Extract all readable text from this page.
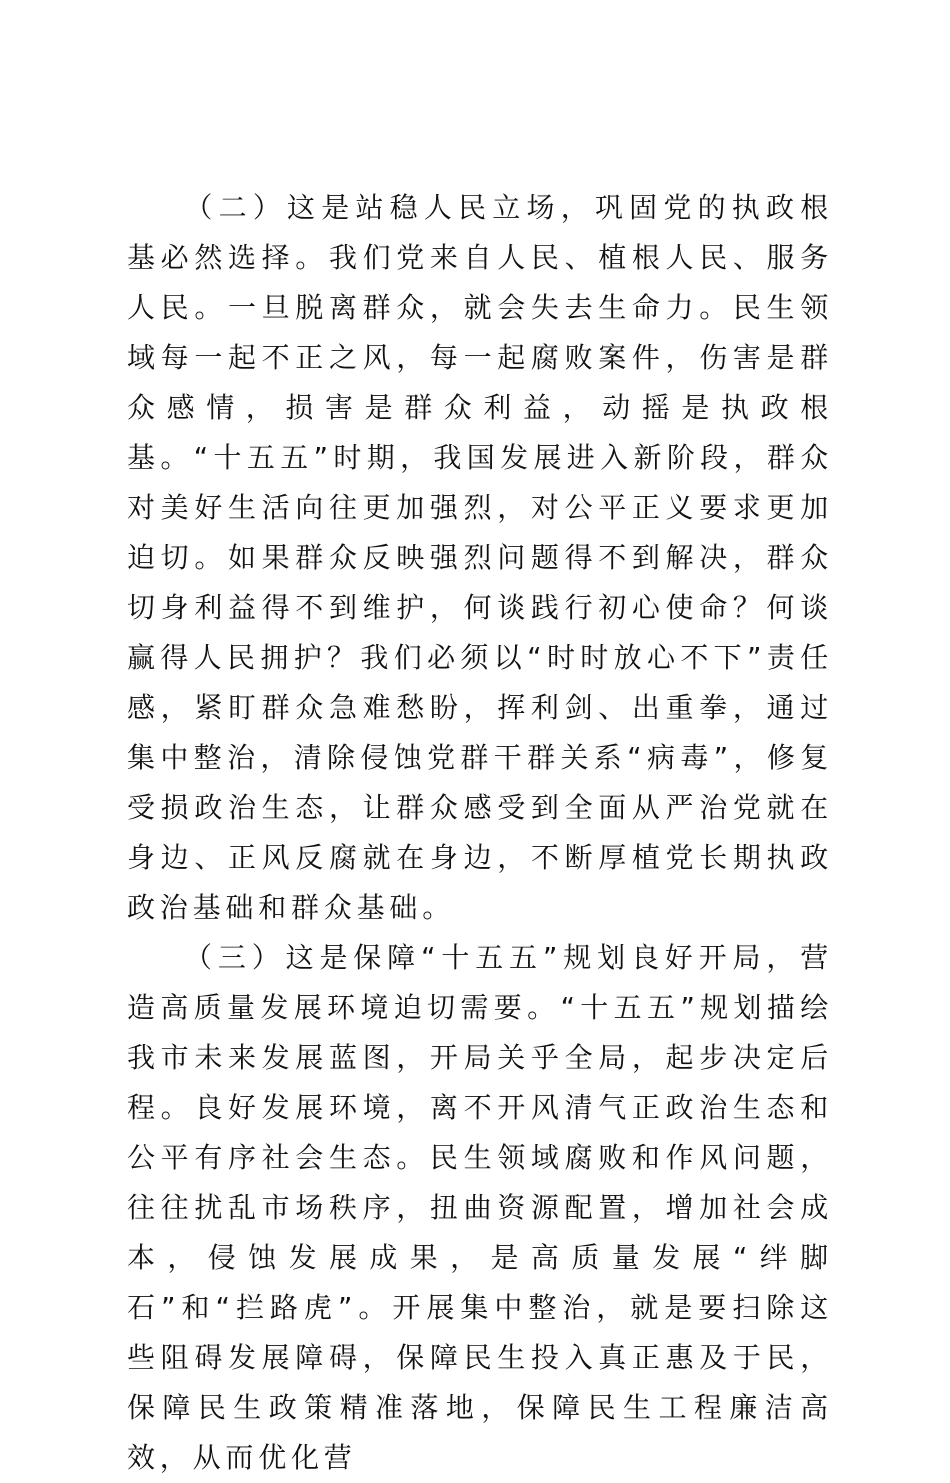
（二）这是站稳人民立场，巩固党的执政根基必然选择。我们党来自人民、植根人民、服务人民。一旦脱离群众，就会失去生命力。民生领域每一起不正之风，每一起腐败案件，伤害是群众感情，损害是群众利益，动摇是执政根基。“十五五”时期，我国发展进入新阶段，群众对美好生活向往更加强烈，对公平正义要求更加迫切。如果群众反映强烈问题得不到解决，群众切身利益得不到维护，何谈践行初心使命？何谈赢得人民拥护？我们必须以“时时放心不下”责任感，紧盯群众急难愁盼，挥利剑、出重拳，通过集中整治，清除侵蚀党群干群关系“病毒”，修复受损政治生态，让群众感受到全面从严治党就在身边、正风反腐就在身边，不断厚植党长期执政政治基础和群众基础。

（三）这是保障“十五五”规划良好开局，营造高质量发展环境迫切需要。“十五五”规划描绘我市未来发展蓝图，开局关乎全局，起步决定后程。良好发展环境，离不开风清气正政治生态和公平有序社会生态。民生领域腐败和作风问题，往往扰乱市场秩序，扭曲资源配置，增加社会成本，侵蚀发展成果，是高质量发展“绊脚石”和“拦路虎”。开展集中整治，就是要扫除这些阻碍发展障碍，保障民生投入真正惠及于民，保障民生政策精准落地，保障民生工程廉洁高效，从而优化营
